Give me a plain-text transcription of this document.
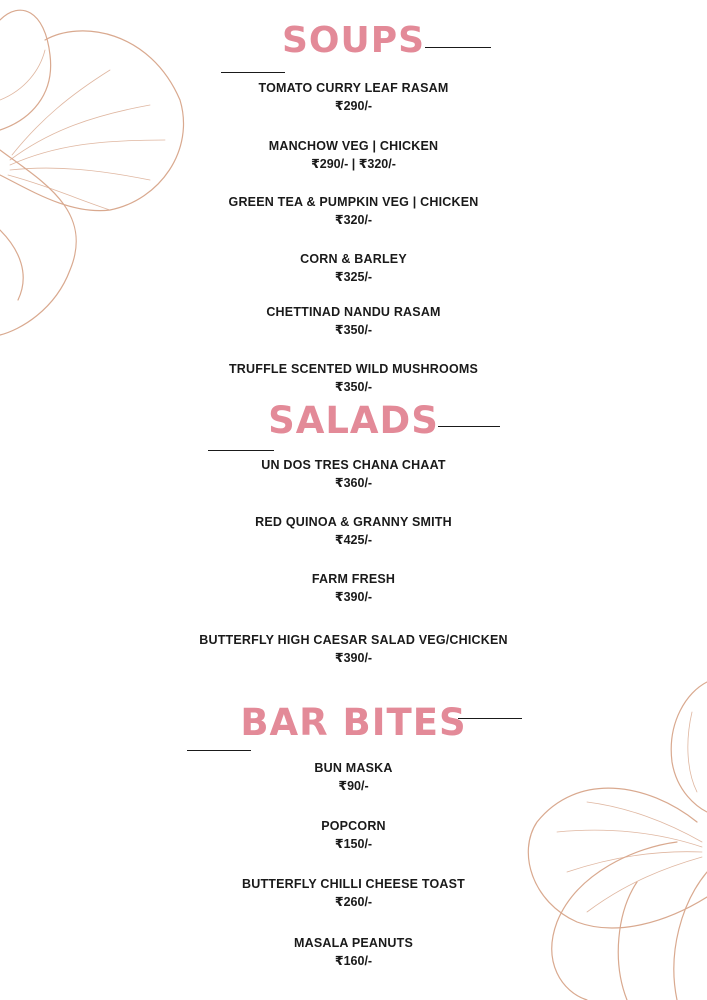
SOUPS
TOMATO CURRY LEAF RASAM
₹290/-
MANCHOW VEG | CHICKEN
₹290/- | ₹320/-
GREEN TEA & PUMPKIN VEG | CHICKEN
₹320/-
CORN & BARLEY
₹325/-
CHETTINAD NANDU RASAM
₹350/-
TRUFFLE SCENTED WILD MUSHROOMS
₹350/-
SALADS
UN DOS TRES CHANA CHAAT
₹360/-
RED QUINOA & GRANNY SMITH
₹425/-
FARM FRESH
₹390/-
BUTTERFLY HIGH CAESAR SALAD VEG/CHICKEN
₹390/-
BAR BITES
BUN MASKA
₹90/-
POPCORN
₹150/-
BUTTERFLY CHILLI CHEESE TOAST
₹260/-
MASALA PEANUTS
₹160/-
